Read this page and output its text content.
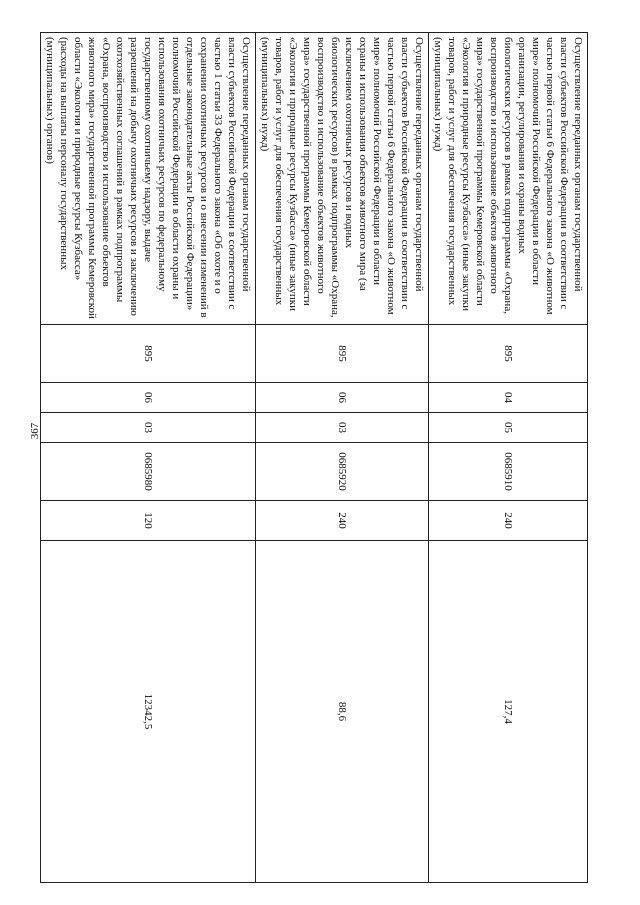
367
Осуществление переданных органам государственной власти субъектов Российской Федерации в соответствии с частью первой статьи 6 Федерального закона «О животном мире» полномочий Российской Федерации в области организации, регулирования и охраны водных биологических ресурсов в рамках подпрограммы «Охрана, воспроизводство и использование объектов животного мира» государственной программы Кемеровской области «Экология и природные ресурсы Кузбасса» (иные закупки товаров, работ и услуг для обеспечения государственных (муниципальных) нужд)	895	04	05	0685910	240	127,4
Осуществление переданных органам государственной власти субъектов Российской Федерации в соответствии с частью первой статьи 6 Федерального закона «О животном мире» полномочий Российской Федерации в области охраны и использования объектов животного мира (за исключением охотничьих ресурсов и водных биологических ресурсов) в рамках подпрограммы «Охрана, воспроизводство и использование объектов животного мира» государственной программы Кемеровской области «Экология и природные ресурсы Кузбасса» (иные закупки товаров, работ и услуг для обеспечения государственных (муниципальных) нужд)	895	06	03	0685920	240	88,6
Осуществление переданных органам государственной власти субъектов Российской Федерации в соответствии с частью 1 статьи 33 Федерального закона «Об охоте и о сохранении охотничьих ресурсов и о внесении изменений в отдельные законодательные акты Российской Федерации» полномочий Российской Федерации в области охраны и использования охотничьих ресурсов по федеральному государственному охотничьему надзору, выдаче разрешений на добычу охотничьих ресурсов и заключению охотхозяйственных соглашений в рамках подпрограммы «Охрана, воспроизводство и использование объектов животного мира» государственной программы Кемеровской области «Экология и природные ресурсы Кузбасса» (расходы на выплаты персоналу государственных (муниципальных) органов)	895	06	03	0685980	120	12342,5
